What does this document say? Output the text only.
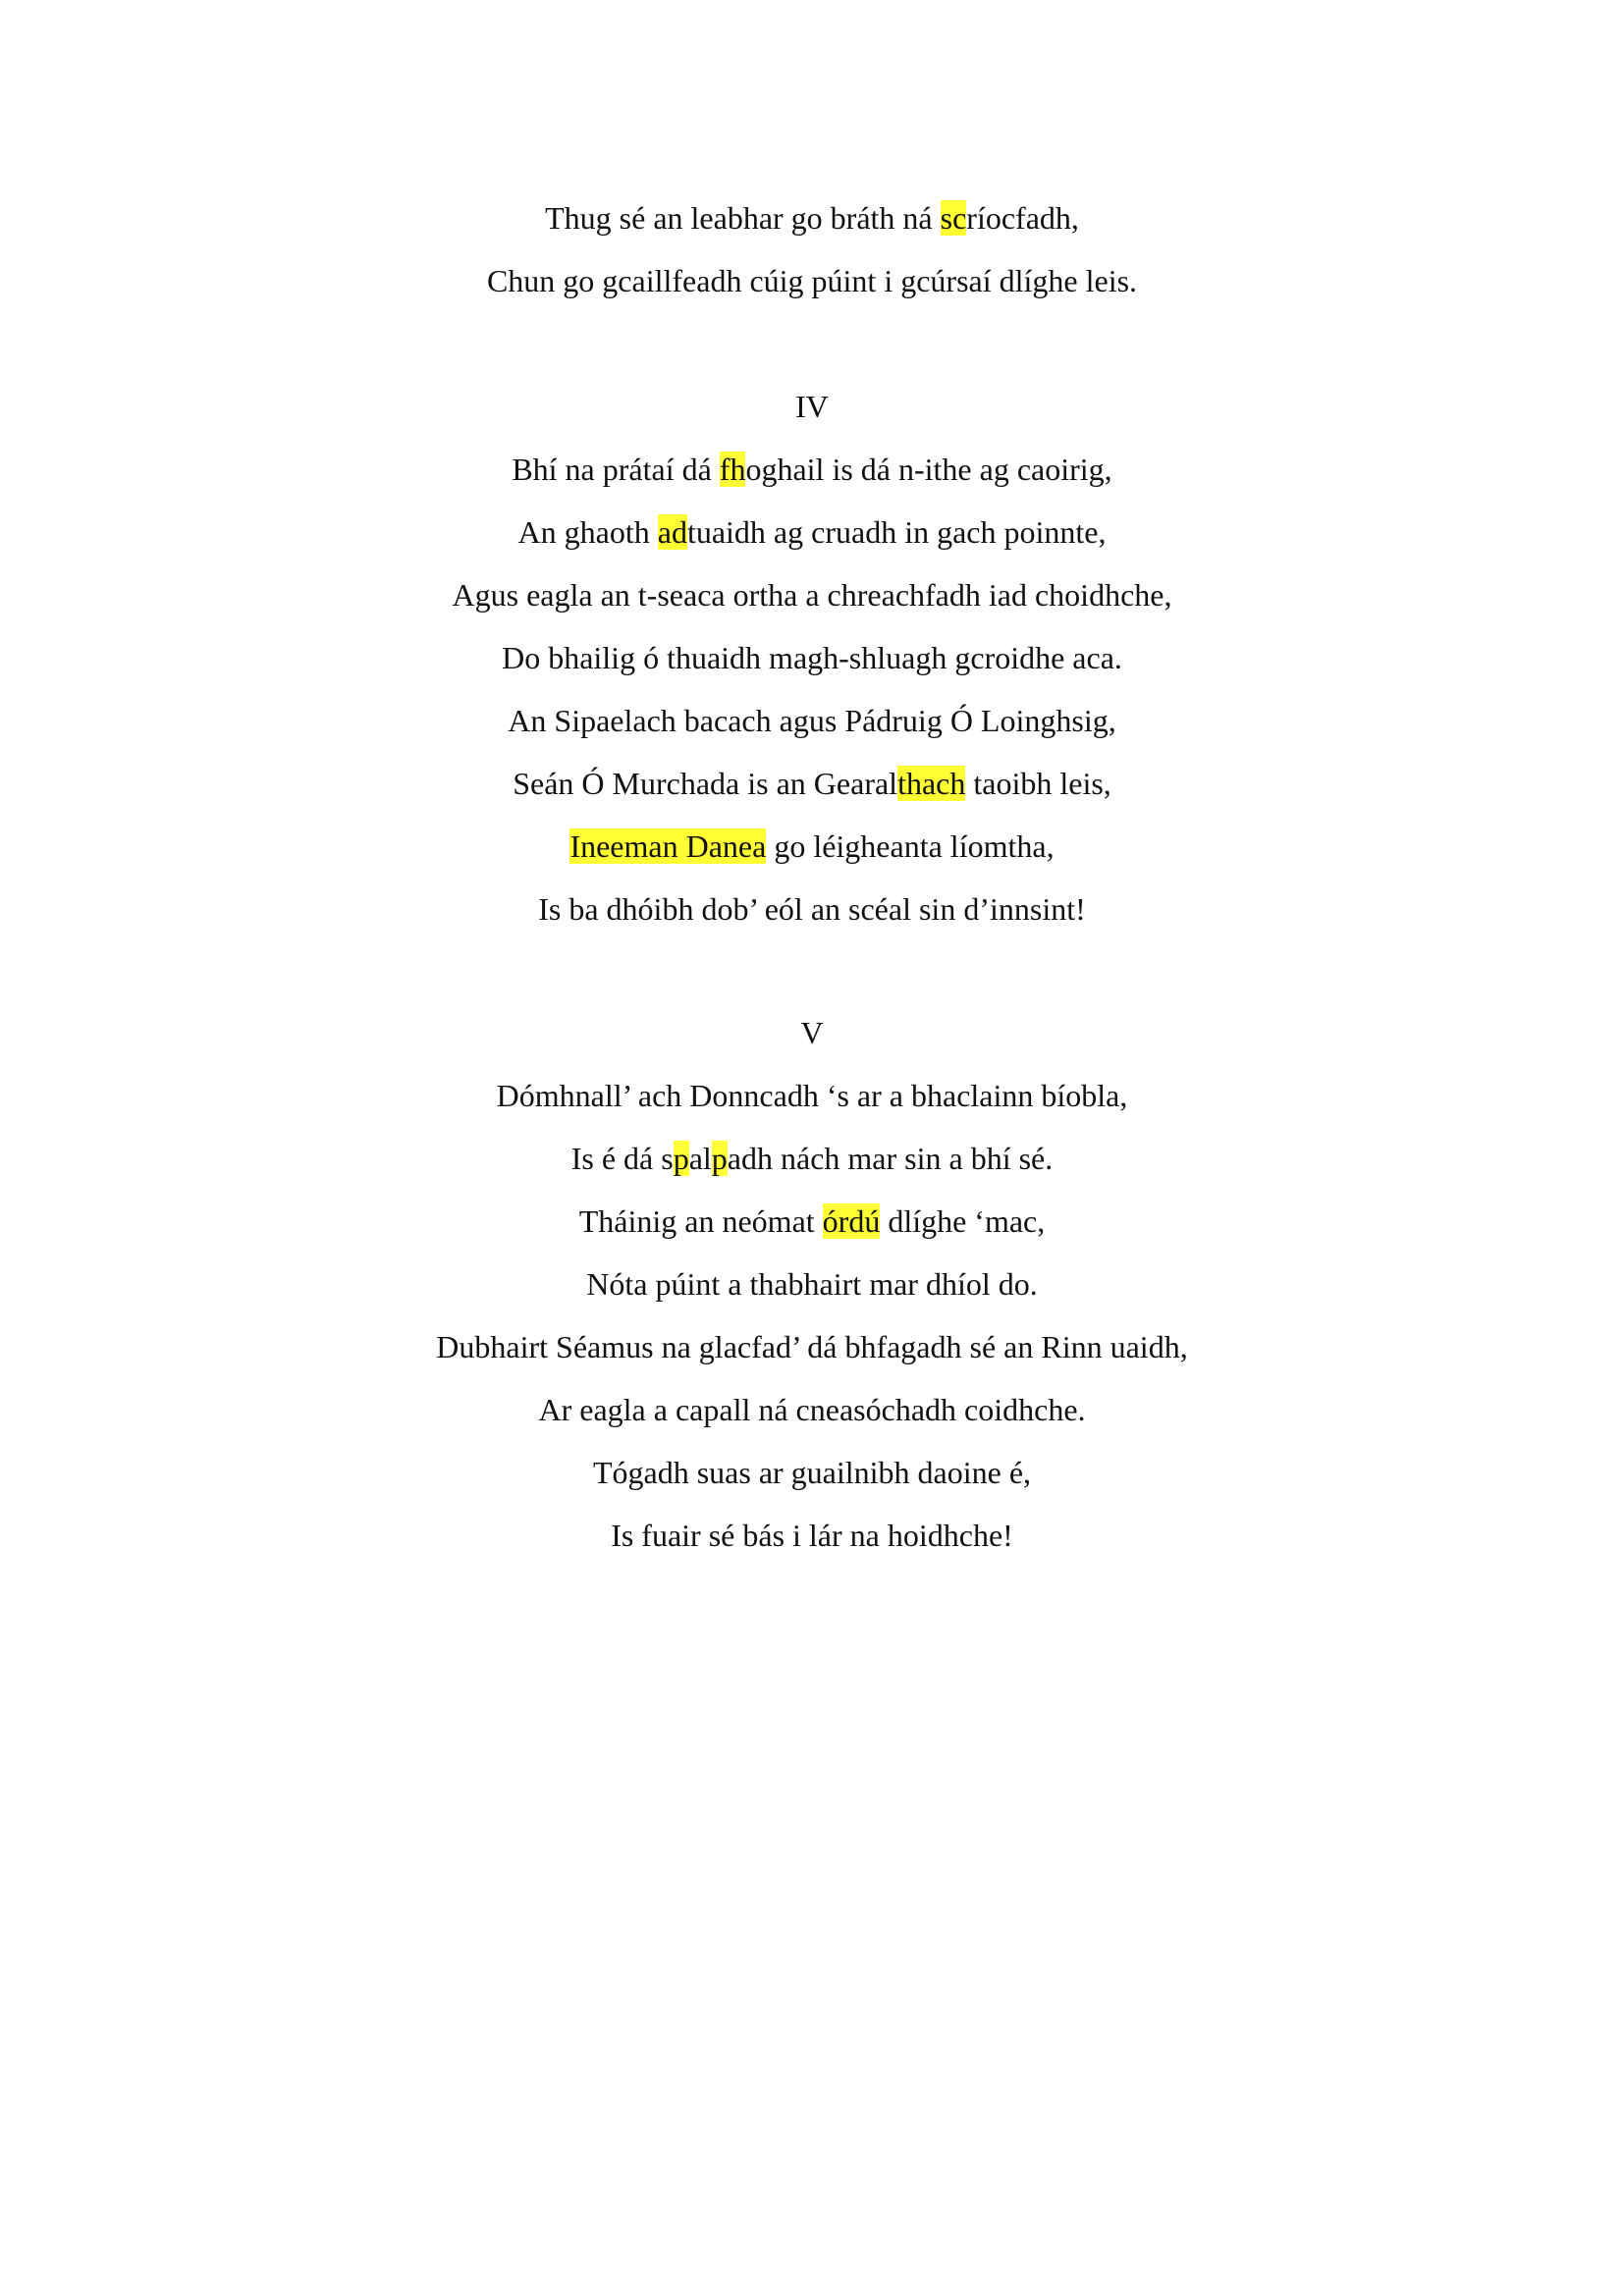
Thug sé an leabhar go bráth ná scríocfadh,
Chun go gcaillfeadh cúig púint i gcúrsaí dlíghe leis.
IV
Bhí na prátaí dá fhoghail is dá n-ithe ag caoirig,
An ghaoth adtuaidh ag cruadh in gach poinnte,
Agus eagla an t-seaca ortha a chreachfadh iad choidhche,
Do bhailig ó thuaidh magh-shluagh gcroidhe aca.
An Sipaelach bacach agus Pádruig Ó Loinghsig,
Seán Ó Murchada is an Gearalthach taoibh leis,
Ineeman Danea go léigheanta líomtha,
Is ba dhóibh dob’ eól an scéal sin d’innsint!
V
Dómhnall’ ach Donncadh ‘s ar a bhaclainn bíobla,
Is é dá spalpadh nách mar sin a bhí sé.
Tháinig an neómat órdú dlíghe ‘mac,
Nóta púint a thabhairt mar dhíol do.
Dubhairt Séamus na glacfad’ dá bhfagadh sé an Rinn uaidh,
Ar eagla a capall ná cneasóchadh coidhche.
Tógadh suas ar guailnibh daoine é,
Is fuair sé bás i lár na hoidhche!
